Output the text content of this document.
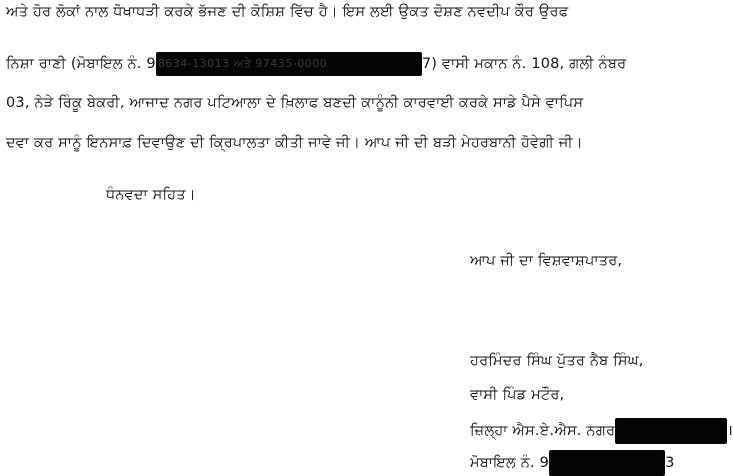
ਅਤੇ ਹੋਰ ਲੋਕਾਂ ਨਾਲ ਧੋਖਾਧੜੀ ਕਰਕੇ ਭੱਜਣ ਦੀ ਕੋਸ਼ਿਸ਼ ਵਿੱਚ ਹੈ। ਇਸ ਲਈ ਉਕਤ ਦੋਸ਼ਣ ਨਵਦੀਪ ਕੌਰ ਉਰਫ
ਨਿਸ਼ਾ ਰਾਣੀ (ਮੋਬਾਇਲ ਨੰ. 9 8634-13013 ਅਤੇ 97435-0000	7) ਵਾਸੀ ਮਕਾਨ ਨੰ. 108, ਗਲੀ ਨੰਬਰ
03, ਨੇੜੇ ਰਿੰਕੂ ਬੇਕਰੀ, ਆਜਾਦ ਨਗਰ ਪਟਿਆਲਾ ਦੇ ਖ਼ਿਲਾਫ ਬਣਦੀ ਕਾਨੂੰਨੀ ਕਾਰਵਾਈ ਕਰਕੇ ਸਾਡੇ ਪੈਸੇ ਵਾਪਿਸ
ਦਵਾ ਕਰ ਸਾਨੂੰ ਇਨਸਾਫ਼ ਦਿਵਾਉਣ ਦੀ ਕ੍ਰਿਪਾਲਤਾ ਕੀਤੀ ਜਾਵੇ ਜੀ। ਆਪ ਜੀ ਦੀ ਬੜੀ ਮੇਹਰਬਾਨੀ ਹੋਵੇਗੀ ਜੀ।
ਧੰਨਵਦਾ ਸਹਿਤ।
ਆਪ ਜੀ ਦਾ ਵਿਸ਼ਵਾਸ਼ਪਾਤਰ,
ਹਰਮਿੰਦਰ ਸਿੰਘ ਪੁੱਤਰ ਨੈਬ ਸਿੰਘ,
ਵਾਸੀ ਪਿੰਡ ਮਟੌਰ,
ਜ਼ਿਲ੍ਹਾ ਐਸ.ਏ.ਐਸ. ਨਗਰ	।
ਮੋਬਾਇਲ ਨੰ. 9	3
